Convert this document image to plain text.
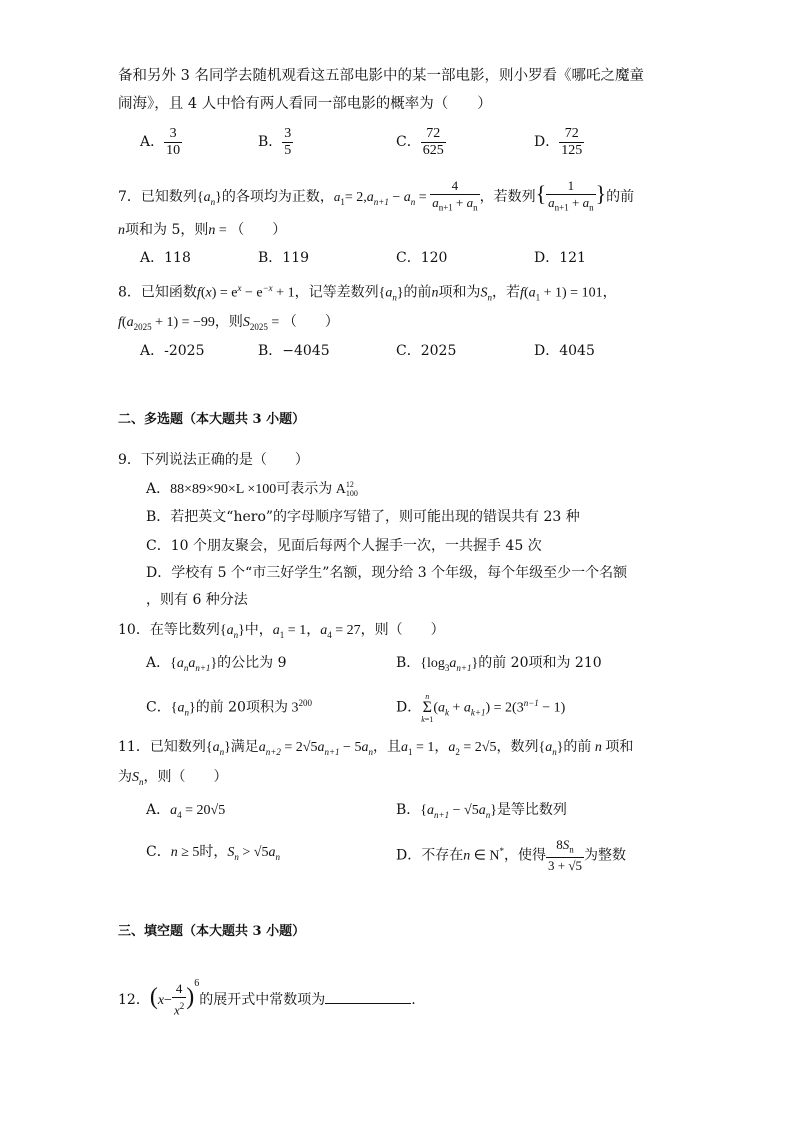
备和另外 3 名同学去随机观看这五部电影中的某一部电影，则小罗看《哪吒之魔童
闹海》，且 4 人中恰有两人看同一部电影的概率为（　　）
A． $\frac{3}{10}$	B． $\frac{3}{5}$	C． $\frac{72}{625}$	D． $\frac{72}{125}$
7．已知数列$\{a_n\}$的各项均为正数，$a_1= 2,a_{n+1} - a_n = \frac{4}{a_{n+1} + a_n}$ ，若数列{ $\frac{1}{a_{n+1} + a_n}$ }的前
n项和为 5，则n = （　　）
A．118	B．119	C．120	D．121
8．已知函数$f(x) = e^x - e^{-x} + 1$，记等差数列$\{a_n\}$的前n项和为$S_n$，若$f(a_1 + 1) = 101$，
$f(a_{2025} + 1) = -99$，则$S_{2025}$ = （　　）
A．-2025	B．−4045	C．2025	D．4045
二、多选题（本大题共 3 小题）
9．下列说法正确的是（　　）
A．88×89×90×L ×100可表示为 A 12
100
B．若把英文“hero”的字母顺序写错了，则可能出现的错误共有 23 种
C．10 个朋友聚会，见面后每两个人握手一次，一共握手 45 次
D．学校有 5 个“市三好学生”名额，现分给 3 个年级，每个年级至少一个名额
，则有 6 种分法
10．在等比数列$\{a_n\}$中，$a_1 = 1$，$a_4 = 27$，则（　　）
A．$\{a_na_{n+1}\}$的公比为 9	B．$\{\log_3a_{n+1}\}$的前 20项和为 210
C．$\{a_n\}$的前 20项积为 $3^{200}$	D．
n
Σ
k=1
$(a_k + a_{k+1}) = 2(3^{n-1} - 1)$
11．已知数列$\{a_n\}$满足$a_{n+2} = 2√5a_{n+1} - 5a_n$，且$a_1 = 1$，$a_2 = 2√5$，数列$\{a_n\}$的前 n 项和
为$S_n$，则（　　）
A．$a_4 = 20√5$	B．$\{a_{n+1} - √5a_n\}$是等比数列
C．n ≥ 5时，$S_n > √5a_n$	D．不存在n ∈ N*，使得 $\frac{8S_n}{3 + √5}$ 为整数
三、填空题（本大题共 3 小题）
12．$(x- \frac{4}{x^2} )^6$的展开式中常数项为	.
